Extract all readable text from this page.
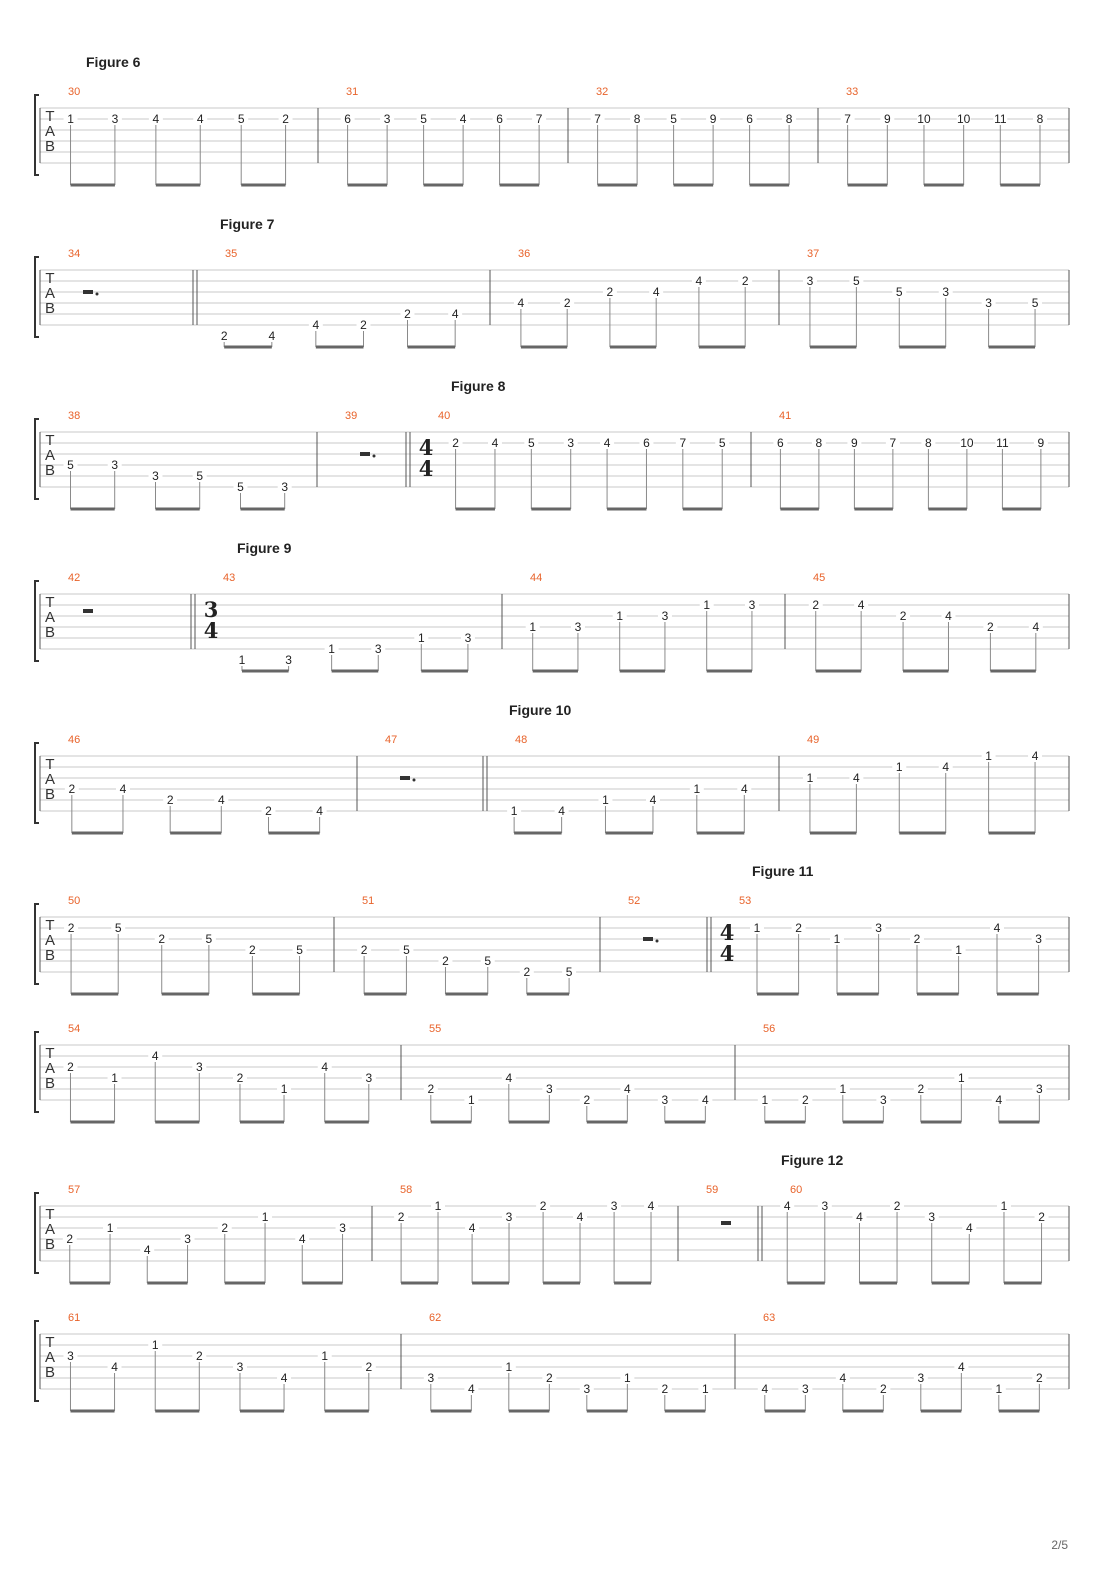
Figure 6
T
A
B
30
1	3	4	4	5	2
31
6	3 5	4 6	7
32
7	8 5	9 6	8
33
7	9 10 10 11	8
Figure 7
T
A
B
34	35
2	4
4	2
2	4
36
4	2
2	4
4	2
37
3	5
5	3
3	5
Figure 8
T
A
B
38
5	3
3	5
5	3
39	40
4
4
2	4 5	3 4	6 7	5
41
6	8 9	7 8 10 11 9
Figure 9
T
A
B
42	43
3
4
1	3
1	3
1	3
44
1	3
1	3
1	3
45
2	4
2	4
2	4
Figure 10
T
A
B
46
2	4
2	4
2	4
47	48
1	4
1	4
1	4
49
1	4
1	4
1	4
Figure 11
T
A
B
50
2	5
2	5
2	5
51
2	5
2	5
2	5
52	53
4
4
1	2
1
3
2
1
4
3
T
A
B
54
2
1
4
3
2
1
4
3
55
2
1
4
3
2
4
3	4
56
1	2
1
3
2
1
4
3
Figure 12
T
A
B
57
2
1
4
3
2
1
4
3
58
2
1
4
3
2
4
3	4
59	60
4	3
4
2
3
4
1
2
T
A
B
61
3
4
1
2
3
4
1
2
62
3
4
1
2
3
1
2	1
63
4	3
4
2
3
4
1
2
2/5
